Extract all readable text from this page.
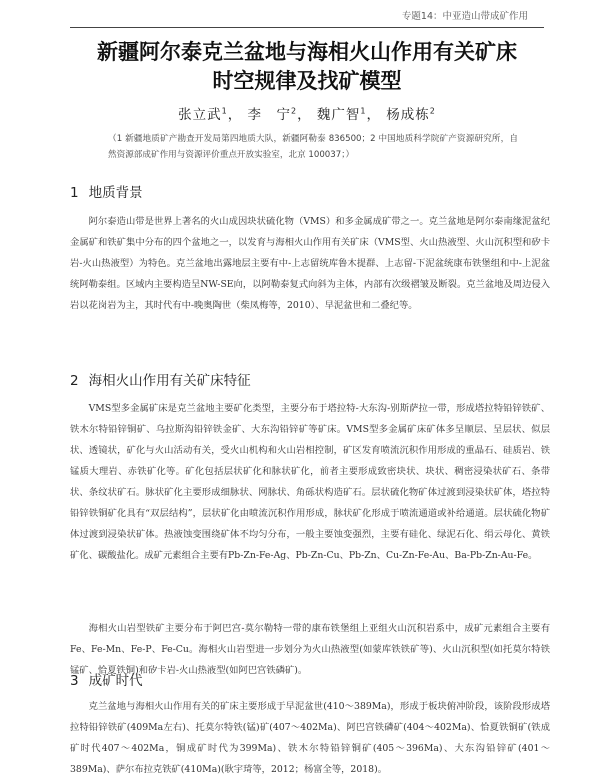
专题14：中亚造山带成矿作用
新疆阿尔泰克兰盆地与海相火山作用有关矿床
时空规律及找矿模型
张立武$^1$， 李　宁$^2$， 魏广智$^1$， 杨成栋$^2$
（1 新疆地质矿产勘查开发局第四地质大队，新疆阿勒泰 836500；2 中国地质科学院矿产资源研究所，自然资源部成矿作用与资源评价重点开放实验室，北京 100037；）
1 地质背景
阿尔泰造山带是世界上著名的火山成因块状硫化物（VMS）和多金属成矿带之一。克兰盆地是阿尔泰南缘泥盆纪金属矿和铁矿集中分布的四个盆地之一，以发育与海相火山作用有关矿床（VMS型、火山热液型、火山沉积型和矽卡岩-火山热液型）为特色。克兰盆地出露地层主要有中-上志留统库鲁木提群、上志留-下泥盆统康布铁堡组和中-上泥盆统阿勒泰组。区域内主要构造呈NW-SE向，以阿勒泰复式向斜为主体，内部有次级褶皱及断裂。克兰盆地及周边侵入岩以花岗岩为主，其时代有中-晚奥陶世（柴凤梅等，2010）、早泥盆世和二叠纪等。
2 海相火山作用有关矿床特征
VMS型多金属矿床是克兰盆地主要矿化类型，主要分布于塔拉特-大东沟-别斯萨拉一带，形成塔拉特铅锌铁矿、铁木尔特铅锌铜矿、乌拉斯沟铅锌铁金矿、大东沟铅锌矿等矿床。VMS型多金属矿床矿体多呈顺层、呈层状、似层状、透镜状，矿化与火山活动有关，受火山机构和火山岩相控制，矿区发育喷流沉积作用形成的重晶石、硅质岩、铁锰质大理岩、赤铁矿化等。矿化包括层状矿化和脉状矿化，前者主要形成致密块状、块状、稠密浸染状矿石、条带状、条纹状矿石。脉状矿化主要形成细脉状、网脉状、角砾状构造矿石。层状硫化物矿体过渡到浸染状矿体，塔拉特铅锌铁铜矿化具有“双层结构”，层状矿化由喷流沉积作用形成，脉状矿化形成于喷流通道或补给通道。层状硫化物矿体过渡到浸染状矿体。热液蚀变围绕矿体不均匀分布，一般主要蚀变强烈，主要有硅化、绿泥石化、绢云母化、黄铁矿化、碳酸盐化。成矿元素组合主要有Pb-Zn-Fe-Ag、Pb-Zn-Cu、Pb-Zn、Cu-Zn-Fe-Au、Ba-Pb-Zn-Au-Fe。
海相火山岩型铁矿主要分布于阿巴宫-莫尔勒特一带的康布铁堡组上亚组火山沉积岩系中，成矿元素组合主要有Fe、Fe-Mn、Fe-P、Fe-Cu。海相火山岩型进一步划分为火山热液型(如蒙库铁铁矿等)、火山沉积型(如托莫尔特铁锰矿、恰夏铁铜)和矽卡岩-火山热液型(如阿巴宫铁磷矿)。
3 成矿时代
克兰盆地与海相火山作用有关的矿床主要形成于早泥盆世(410～389Ma)，形成于板块俯冲阶段，该阶段形成塔拉特铅锌铁矿(409Ma左右)、托莫尔特铁(锰)矿(407～402Ma)、阿巴宫铁磷矿(404～402Ma)、恰夏铁铜矿(铁成矿时代407～402Ma，铜成矿时代为399Ma)、铁木尔特铅锌铜矿(405～396Ma)、大东沟铅锌矿(401～389Ma)、萨尔布拉克铁矿(410Ma)(耿宇琦等，2012；杨富全等，2018)。
